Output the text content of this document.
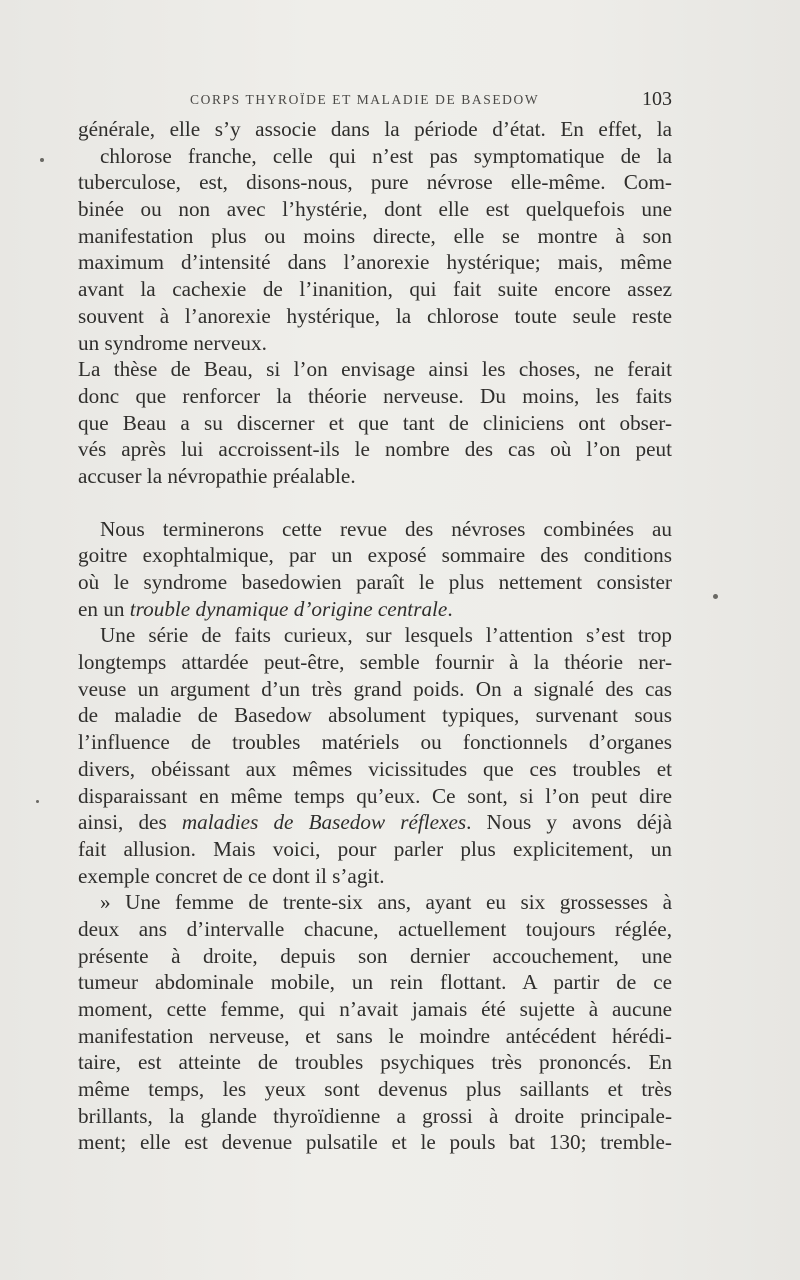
CORPS THYROÏDE ET MALADIE DE BASEDOW	103
générale, elle s’y associe dans la période d’état. En effet, la
chlorose franche, celle qui n’est pas symptomatique de la
tuberculose, est, disons-nous, pure névrose elle-même. Com-
binée ou non avec l’hystérie, dont elle est quelquefois une
manifestation plus ou moins directe, elle se montre à son
maximum d’intensité dans l’anorexie hystérique; mais, même
avant la cachexie de l’inanition, qui fait suite encore assez
souvent à l’anorexie hystérique, la chlorose toute seule reste
un syndrome nerveux.
La thèse de Beau, si l’on envisage ainsi les choses, ne ferait
donc que renforcer la théorie nerveuse. Du moins, les faits
que Beau a su discerner et que tant de cliniciens ont obser-
vés après lui accroissent-ils le nombre des cas où l’on peut
accuser la névropathie préalable.
Nous terminerons cette revue des névroses combinées au
goitre exophtalmique, par un exposé sommaire des conditions
où le syndrome basedowien paraît le plus nettement consister
en un trouble dynamique d’origine centrale.
Une série de faits curieux, sur lesquels l’attention s’est trop
longtemps attardée peut-être, semble fournir à la théorie ner-
veuse un argument d’un très grand poids. On a signalé des cas
de maladie de Basedow absolument typiques, survenant sous
l’influence de troubles matériels ou fonctionnels d’organes
divers, obéissant aux mêmes vicissitudes que ces troubles et
disparaissant en même temps qu’eux. Ce sont, si l’on peut dire
ainsi, des maladies de Basedow réflexes. Nous y avons déjà
fait allusion. Mais voici, pour parler plus explicitement, un
exemple concret de ce dont il s’agit.
» Une femme de trente-six ans, ayant eu six grossesses à
deux ans d’intervalle chacune, actuellement toujours réglée,
présente à droite, depuis son dernier accouchement, une
tumeur abdominale mobile, un rein flottant. A partir de ce
moment, cette femme, qui n’avait jamais été sujette à aucune
manifestation nerveuse, et sans le moindre antécédent hérédi-
taire, est atteinte de troubles psychiques très prononcés. En
même temps, les yeux sont devenus plus saillants et très
brillants, la glande thyroïdienne a grossi à droite principale-
ment; elle est devenue pulsatile et le pouls bat 130; tremble-
